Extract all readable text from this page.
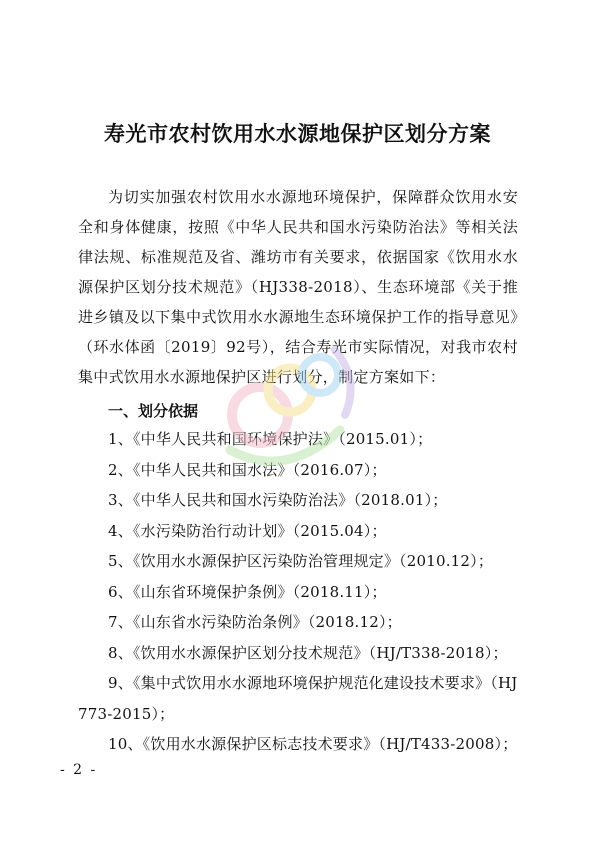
寿光市农村饮用水水源地保护区划分方案

为切实加强农村饮用水水源地环境保护，保障群众饮用水安全和身体健康，按照《中华人民共和国水污染防治法》等相关法律法规、标准规范及省、潍坊市有关要求，依据国家《饮用水水源保护区划分技术规范》（HJ338-2018）、生态环境部《关于推进乡镇及以下集中式饮用水水源地生态环境保护工作的指导意见》（环水体函〔2019〕92号），结合寿光市实际情况，对我市农村集中式饮用水水源地保护区进行划分，制定方案如下：

一、划分依据
1、《中华人民共和国环境保护法》（2015.01）；
2、《中华人民共和国水法》（2016.07）；
3、《中华人民共和国水污染防治法》（2018.01）；
4、《水污染防治行动计划》（2015.04）；
5、《饮用水水源保护区污染防治管理规定》（2010.12）；
6、《山东省环境保护条例》（2018.11）；
7、《山东省水污染防治条例》（2018.12）；
8、《饮用水水源保护区划分技术规范》（HJ/T338-2018）；
9、《集中式饮用水水源地环境保护规范化建设技术要求》（HJ 773-2015）；
10、《饮用水水源保护区标志技术要求》（HJ/T433-2008）；
- 2 -
